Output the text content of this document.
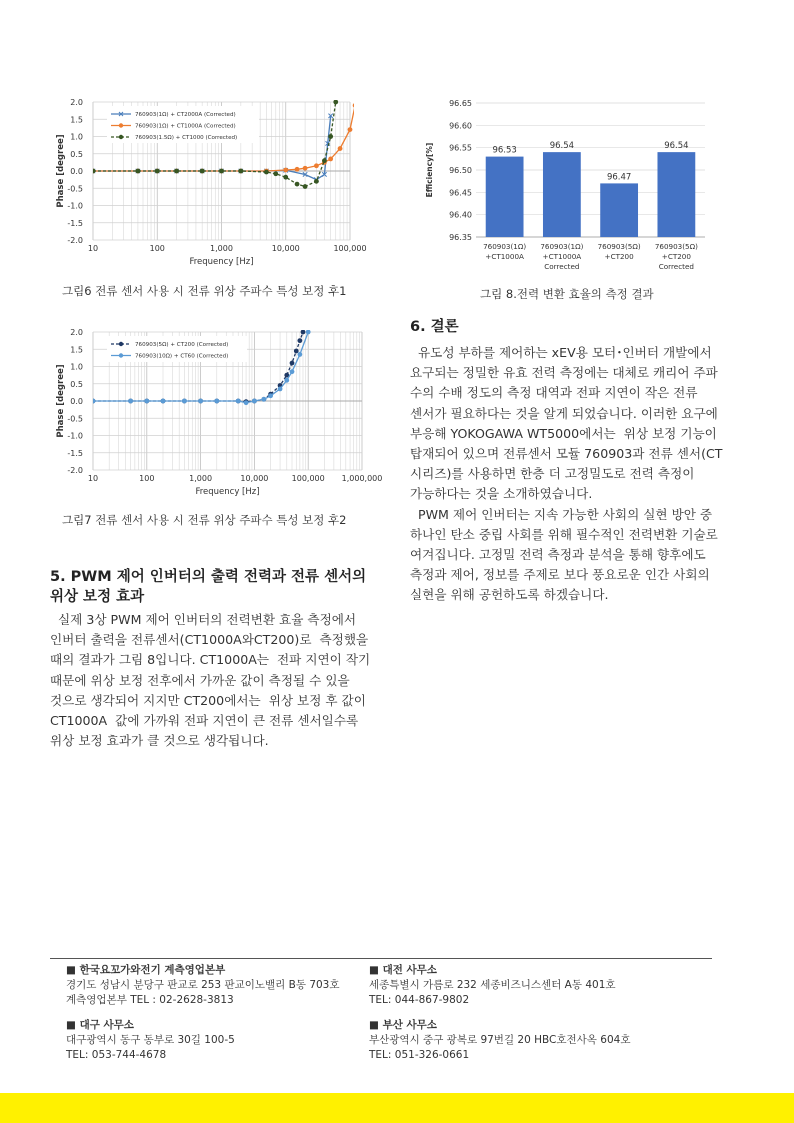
10	100	1,000	10,000	100,000
2.0
1.5
1.0
0.5
0.0
-0.5
-1.0
-1.5
-2.0
Frequency [Hz]
Phase [degree]
760903(1Ω) + CT2000A (Corrected)
760903(1Ω) + CT1000A (Corrected)
760903(1.5Ω) + CT1000 (Corrected)
그림6 전류 센서 사용 시 전류 위상 주파수 특성 보정 후1
10	100	1,000	10,000	100,000 1,000,000
2.0
1.5
1.0
0.5
0.0
-0.5
-1.0
-1.5
-2.0
Frequency [Hz]
Phase [degree]
760903(5Ω) + CT200 (Corrected)
760903(10Ω) + CT60 (Corrected)
그림7 전류 센서 사용 시 전류 위상 주파수 특성 보정 후2
96.65
96.60
96.55
96.50
96.45
96.40
96.35
Efficiency[%]	96.53
760903(1Ω)
+CT1000A
96.54
760903(1Ω)
+CT1000A
Corrected
96.47
760903(5Ω)
+CT200
96.54
760903(5Ω)
+CT200
Corrected
그림 8.전력 변환 효율의 측정 결과
5. PWM 제어 인버터의 출력 전력과 전류 센서의
위상 보정 효과

실제 3상 PWM 제어 인버터의 전력변환 효율 측정에서

인버터 출력을 전류센서(CT1000A와CT200)로  측정했을

때의 결과가 그림 8입니다. CT1000A는  전파 지연이 작기

때문에 위상 보정 전후에서 가까운 값이 측정될 수 있을

것으로 생각되어 지지만 CT200에서는  위상 보정 후 값이

CT1000A  값에 가까워 전파 지연이 큰 전류 센서일수록

위상 보정 효과가 클 것으로 생각됩니다.

6. 결론

유도성 부하를 제어하는 xEV용 모터･인버터 개발에서

요구되는 정밀한 유효 전력 측정에는 대체로 캐리어 주파

수의 수배 정도의 측정 대역과 전파 지연이 작은 전류

센서가 필요하다는 것을 알게 되었습니다. 이러한 요구에

부응해 YOKOGAWA WT5000에서는  위상 보정 기능이

탑재되어 있으며 전류센서 모듈 760903과 전류 센서(CT

시리즈)를 사용하면 한층 더 고정밀도로 전력 측정이

가능하다는 것을 소개하였습니다.

PWM 제어 인버터는 지속 가능한 사회의 실현 방안 중

하나인 탄소 중립 사회를 위해 필수적인 전력변환 기술로

여겨집니다. 고정밀 전력 측정과 분석을 통해 향후에도

측정과 제어, 정보를 주제로 보다 풍요로운 인간 사회의

실현을 위해 공헌하도록 하겠습니다.

■ 한국요꼬가와전기 계측영업본부
경기도 성남시 분당구 판교로 253 판교이노밸리 B동 703호
계측영업본부 TEL : 02-2628-3813
■ 대전 사무소
세종특별시 가름로 232 세종비즈니스센터 A동 401호
TEL: 044-867-9802
■ 대구 사무소
대구광역시 동구 동부로 30길 100-5
TEL: 053-744-4678
■ 부산 사무소
부산광역시 중구 광복로 97번길 20 HBC호전사옥 604호
TEL: 051-326-0661
